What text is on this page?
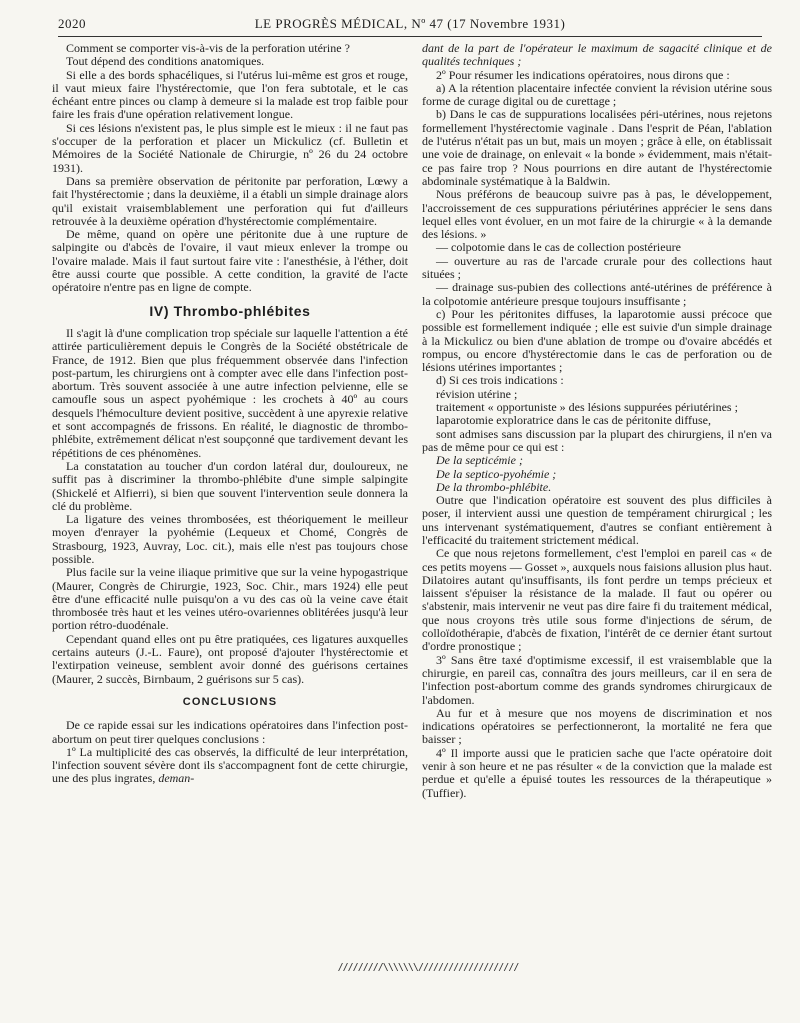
2020	LE PROGRÈS MÉDICAL, Nº 47 (17 Novembre 1931)

Comment se comporter vis-à-vis de la perforation utérine ?

Tout dépend des conditions anatomiques.

Si elle a des bords sphacéliques, si l'utérus lui-même est gros et rouge, il vaut mieux faire l'hystérectomie, que l'on fera subtotale, et le cas échéant entre pinces ou clamp à demeure si la malade est trop faible pour faire les frais d'une opération relativement longue.

Si ces lésions n'existent pas, le plus simple est le mieux : il ne faut pas s'occuper de la perforation et placer un Mickulicz (cf. Bulletin et Mémoires de la Société Nationale de Chirurgie, nº 26 du 24 octobre 1931).

Dans sa première observation de péritonite par perforation, Lœwy a fait l'hystérectomie ; dans la deuxième, il a établi un simple drainage alors qu'il existait vraisemblablement une perforation qui fut d'ailleurs retrouvée à la deuxième opération d'hystérectomie complémentaire.

De même, quand on opère une péritonite due à une rupture de salpingite ou d'abcès de l'ovaire, il vaut mieux enlever la trompe ou l'ovaire malade. Mais il faut surtout faire vite : l'anesthésie, à l'éther, doit être aussi courte que possible. A cette condition, la gravité de l'acte opératoire n'entre pas en ligne de compte.

IV) Thrombo-phlébites

Il s'agit là d'une complication trop spéciale sur laquelle l'attention a été attirée particulièrement depuis le Congrès de la Société obstétricale de France, de 1912. Bien que plus fréquemment observée dans l'infection post-partum, les chirurgiens ont à compter avec elle dans l'infection post-abortum. Très souvent associée à une autre infection pelvienne, elle se camoufle sous un aspect pyohémique : les crochets à 40º au cours desquels l'hémoculture devient positive, succèdent à une apyrexie relative et sont accompagnés de frissons. En réalité, le diagnostic de thrombo-phlébite, extrêmement délicat n'est soupçonné que tardivement devant les répétitions de ces phénomènes.

La constatation au toucher d'un cordon latéral dur, douloureux, ne suffit pas à discriminer la thrombo-phlébite d'une simple salpingite (Shickelé et Alfierri), si bien que souvent l'intervention seule donnera la clé du problème.

La ligature des veines thrombosées, est théoriquement le meilleur moyen d'enrayer la pyohémie (Lequeux et Chomé, Congrès de Strasbourg, 1923, Auvray, Loc. cit.), mais elle n'est pas toujours chose possible.

Plus facile sur la veine iliaque primitive que sur la veine hypogastrique (Maurer, Congrès de Chirurgie, 1923, Soc. Chir., mars 1924) elle peut être d'une efficacité nulle puisqu'on a vu des cas où la veine cave était thrombosée très haut et les veines utéro-ovariennes oblitérées jusqu'à leur portion rétro-duodénale.

Cependant quand elles ont pu être pratiquées, ces ligatures auxquelles certains auteurs (J.-L. Faure), ont proposé d'ajouter l'hystérectomie et l'extirpation veineuse, semblent avoir donné des guérisons certaines (Maurer, 2 succès, Birnbaum, 2 guérisons sur 5 cas).

CONCLUSIONS

De ce rapide essai sur les indications opératoires dans l'infection post-abortum on peut tirer quelques conclusions :

1º La multiplicité des cas observés, la difficulté de leur interprétation, l'infection souvent sévère dont ils s'accompagnent font de cette chirurgie, une des plus ingrates, deman-

dant de la part de l'opérateur le maximum de sagacité clinique et de qualités techniques ;

2º Pour résumer les indications opératoires, nous dirons que :

a) A la rétention placentaire infectée convient la révision utérine sous forme de curage digital ou de curettage ;

b) Dans le cas de suppurations localisées péri-utérines, nous rejetons formellement l'hystérectomie vaginale . Dans l'esprit de Péan, l'ablation de l'utérus n'était pas un but, mais un moyen ; grâce à elle, on établissait une voie de drainage, on enlevait « la bonde » évidemment, mais n'était-ce pas faire trop ? Nous pourrions en dire autant de l'hystérectomie abdominale systématique à la Baldwin.

Nous préférons de beaucoup suivre pas à pas, le développement, l'accroissement de ces suppurations périutérines apprécier le sens dans lequel elles vont évoluer, en un mot faire de la chirurgie « à la demande des lésions. »

— colpotomie dans le cas de collection postérieure

— ouverture au ras de l'arcade crurale pour des collections haut situées ;

— drainage sus-pubien des collections anté-utérines de préférence à la colpotomie antérieure presque toujours insuffisante ;

c) Pour les péritonites diffuses, la laparotomie aussi précoce que possible est formellement indiquée ; elle est suivie d'un simple drainage à la Mickulicz ou bien d'une ablation de trompe ou d'ovaire abcédés et rompus, ou encore d'hystérectomie dans le cas de perforation ou de lésions utérines importantes ;

d) Si ces trois indications :

révision utérine ;

traitement « opportuniste » des lésions suppurées périutérines ;

laparotomie exploratrice dans le cas de péritonite diffuse,

sont admises sans discussion par la plupart des chirurgiens, il n'en va pas de même pour ce qui est :

De la septicémie ;

De la septico-pyohémie ;

De la thrombo-phlébite.

Outre que l'indication opératoire est souvent des plus difficiles à poser, il intervient aussi une question de tempérament chirurgical ; les uns intervenant systématiquement, d'autres se confiant entièrement à l'efficacité du traitement strictement médical.

Ce que nous rejetons formellement, c'est l'emploi en pareil cas « de ces petits moyens — Gosset », auxquels nous faisions allusion plus haut. Dilatoires autant qu'insuffisants, ils font perdre un temps précieux et laissent s'épuiser la résistance de la malade. Il faut ou opérer ou s'abstenir, mais intervenir ne veut pas dire faire fi du traitement médical, que nous croyons très utile sous forme d'injections de sérum, de colloïdothérapie, d'abcès de fixation, l'intérêt de ce dernier étant surtout d'ordre pronostique ;

3º Sans être taxé d'optimisme excessif, il est vraisemblable que la chirurgie, en pareil cas, connaîtra des jours meilleurs, car il en sera de l'infection post-abortum comme des grands syndromes chirurgicaux de l'abdomen.

Au fur et à mesure que nos moyens de discrimination et nos indications opératoires se perfectionneront, la mortalité ne fera que baisser ;

4º Il importe aussi que le praticien sache que l'acte opératoire doit venir à son heure et ne pas résulter « de la conviction que la malade est perdue et qu'elle a épuisé toutes les ressources de la thérapeutique » (Tuffier).

/////////\\\\\\\////////////////////
